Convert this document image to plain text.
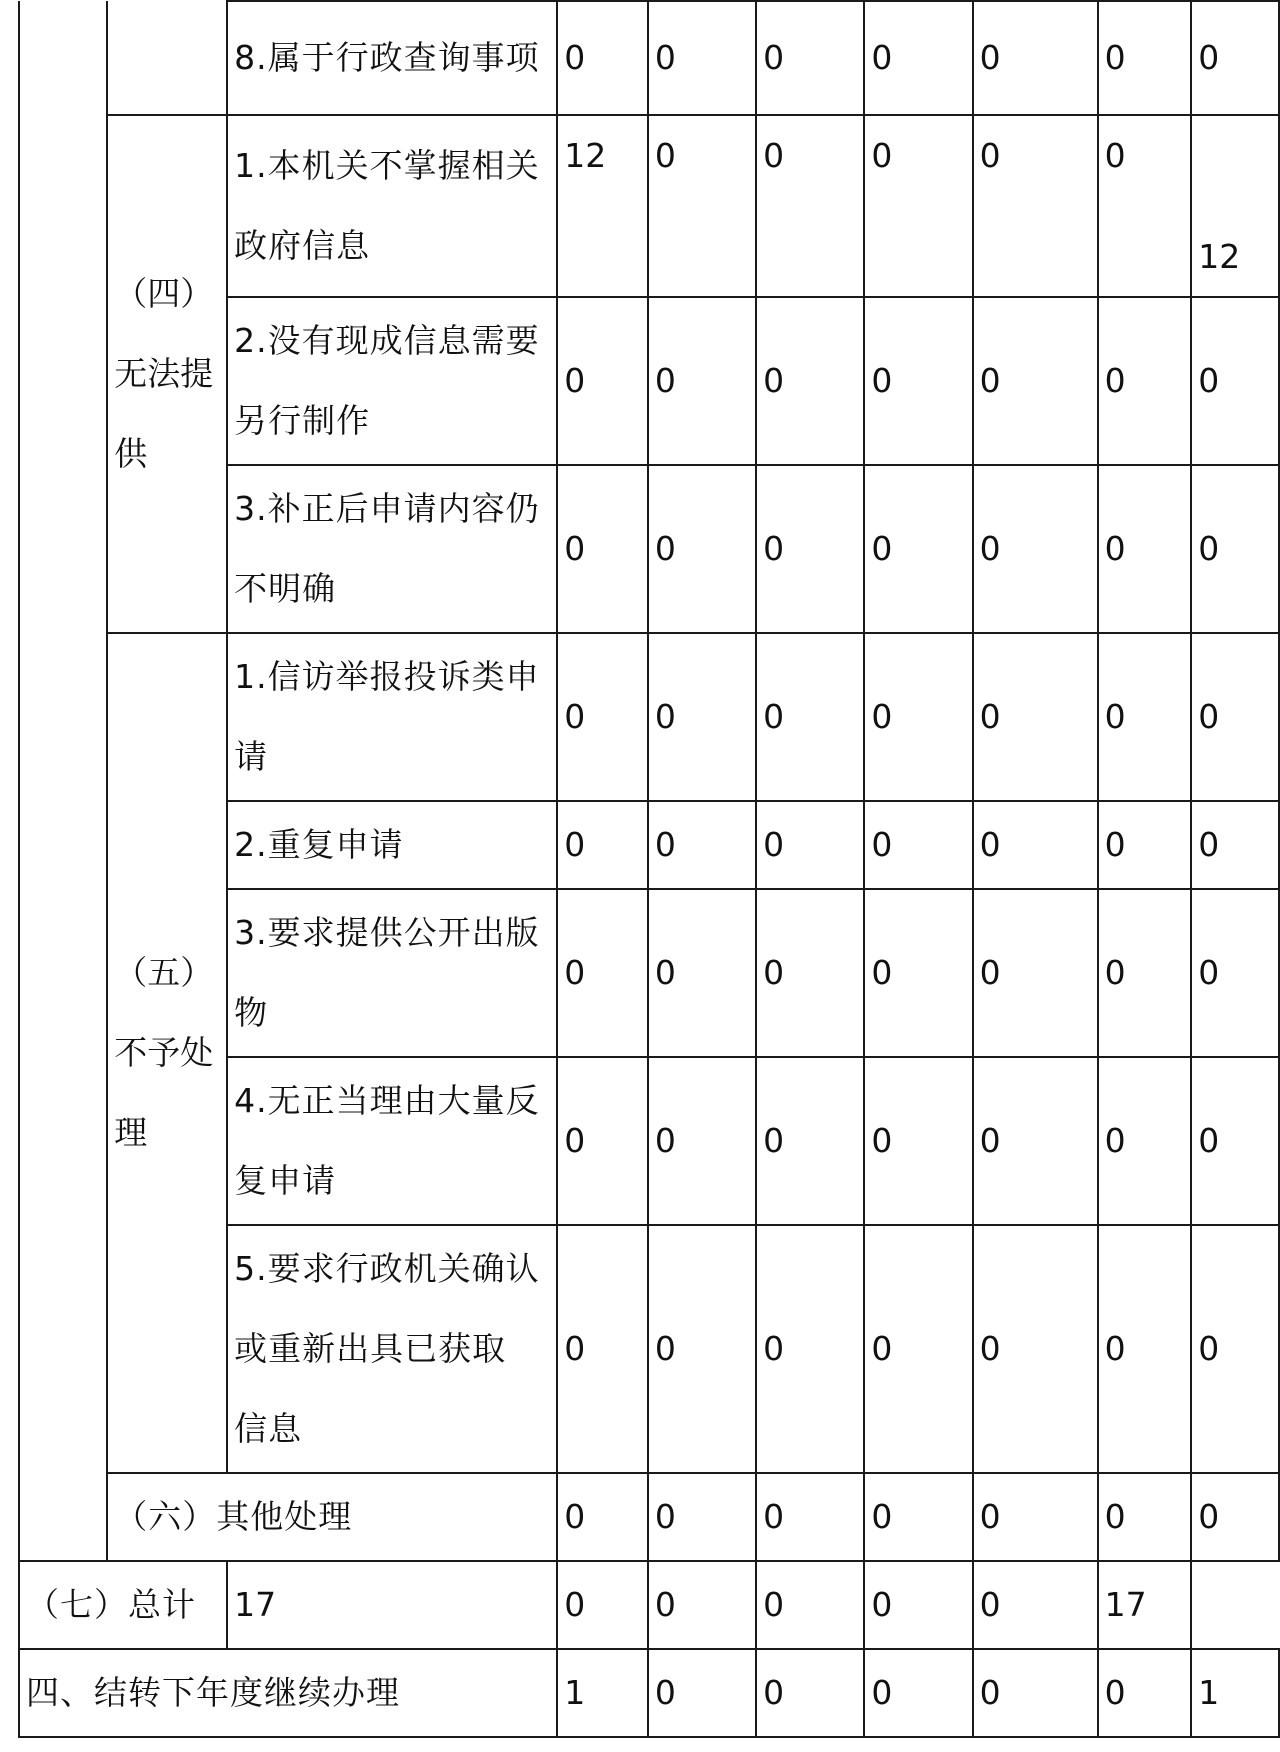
		8.属于行政查询事项	0	0	0	0	0	0	0

	（四）
无法提
供	1.本机关不掌握相关
政府信息	12	0	0	0	0	0	12

		2.没有现成信息需要
另行制作	0	0	0	0	0	0	0

		3.补正后申请内容仍
不明确	0	0	0	0	0	0	0

	（五）
不予处
理	1.信访举报投诉类申
请	0	0	0	0	0	0	0

		2.重复申请	0	0	0	0	0	0	0

		3.要求提供公开出版
物	0	0	0	0	0	0	0

		4.无正当理由大量反
复申请	0	0	0	0	0	0	0

		5.要求行政机关确认
或重新出具已获取
信息	0	0	0	0	0	0	0
	（六）其他处理		0	0	0	0	0	0	0
（七）总计		17	0	0	0	0	0	17	
四、结转下年度继续办理			1	0	0	0	0	0	1
